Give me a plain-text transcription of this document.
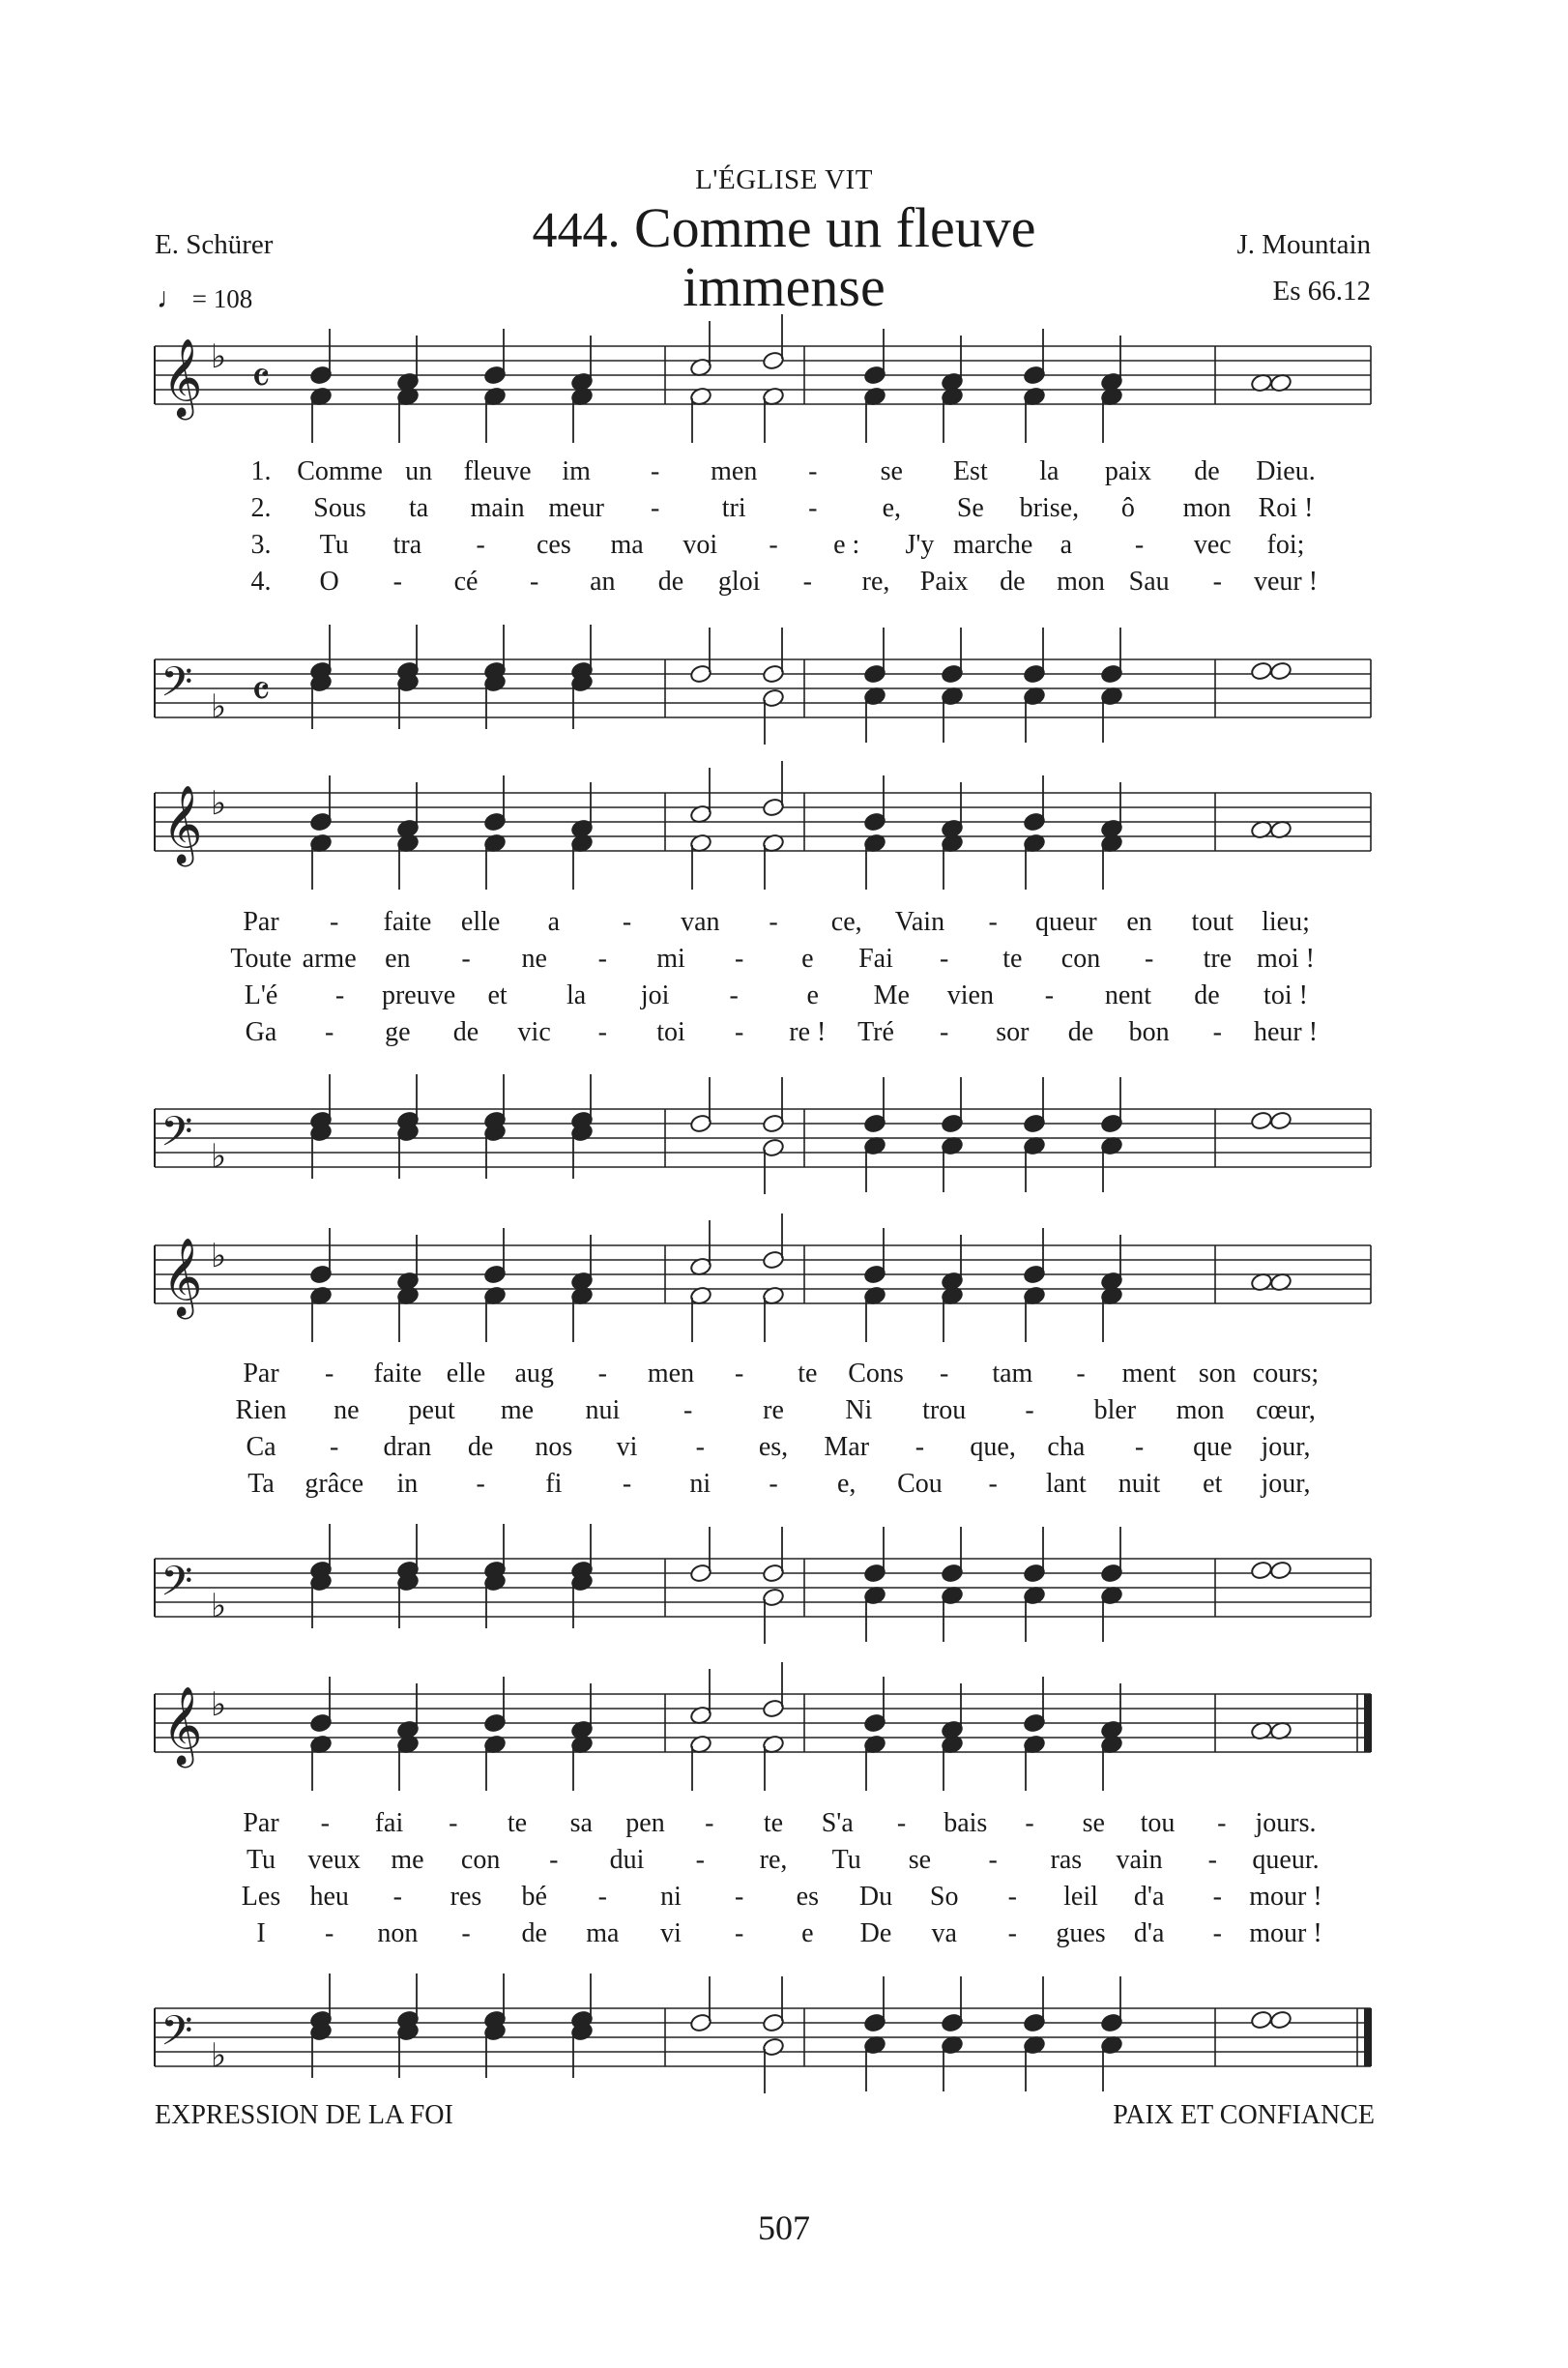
L'ÉGLISE VIT
444. Comme un fleuve
immense
E. Schürer
♩ = 108
J. Mountain
Es 66.12
𝄞 ♭ 𝄴
𝄞 ♭
𝄞 ♭
𝄞 ♭
𝄢 ♭ 𝄴
𝄢 ♭
𝄢 ♭
𝄢 ♭
1. Comme un fleuve im - men - se Est la paix de Dieu.
2. Sous ta main meur - tri - e, Se brise, ô mon Roi !
3. Tu tra - ces ma voi - e : J'y marche a - vec foi;
4. O - cé - an de gloi - re, Paix de mon Sau - veur !
Par - faite elle a - van - ce, Vain - queur en tout lieu;
Toute arme en - ne - mi - e Fai - te con - tre moi !
L'é - preuve et la joi -	e Me vien - nent de toi !
Ga - ge de vic - toi - re ! Tré - sor de bon - heur !
Par - faite elle aug - men - te Cons - tam - ment son cours;
Rien ne peut me nui -	re Ni trou - bler mon cœur,
Ca - dran de nos vi - es, Mar - que, cha - que jour,
Ta grâce in - fi - ni - e, Cou - lant nuit et jour,
Par - fai - te sa pen - te S'a - bais - se tou - jours.
Tu veux me con - dui - re, Tu se - ras vain - queur.
Les heu - res bé - ni - es Du So - leil d'a - mour !
I - non - de ma vi - e De va - gues d'a - mour !
EXPRESSION DE LA FOI	PAIX ET CONFIANCE
507
